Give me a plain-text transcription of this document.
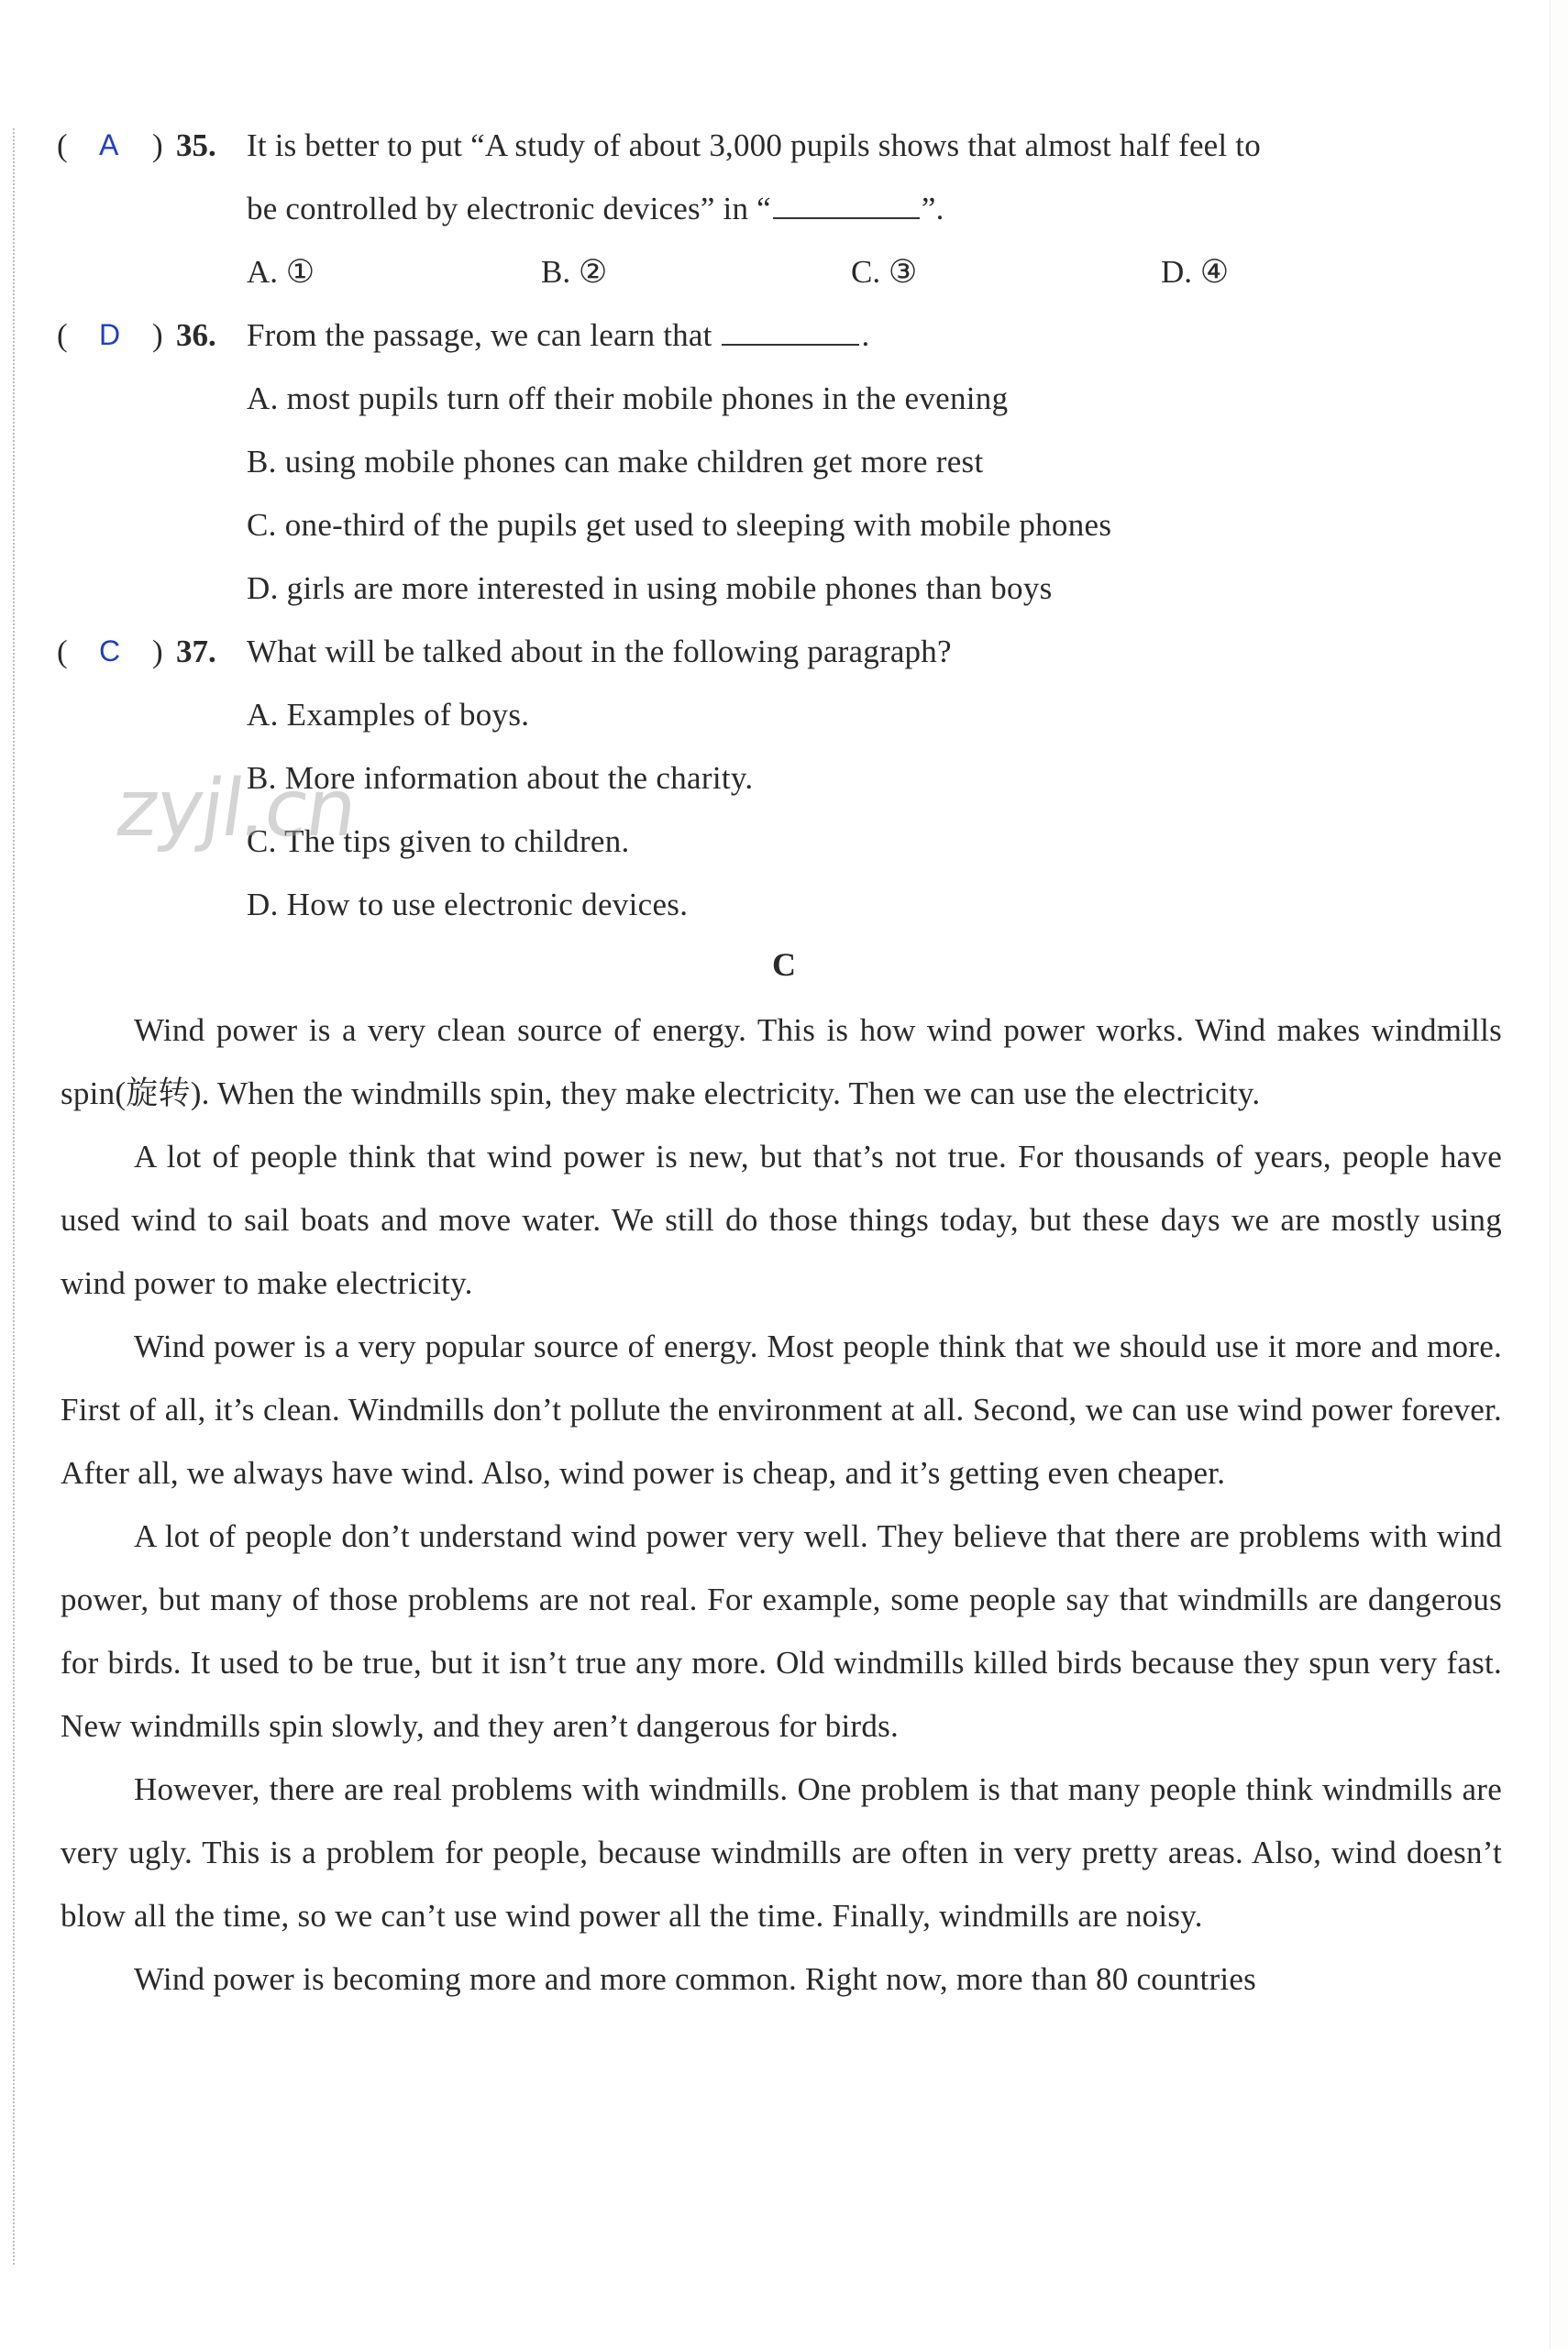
( A ) 35. It is better to put “A study of about 3,000 pupils shows that almost half feel to
be controlled by electronic devices” in “	”.
A. ①	B. ②	C. ③	D. ④
( D ) 36. From the passage, we can learn that	.
A. most pupils turn off their mobile phones in the evening
B. using mobile phones can make children get more rest
C. one-third of the pupils get used to sleeping with mobile phones
D. girls are more interested in using mobile phones than boys
( C ) 37. What will be talked about in the following paragraph?
A. Examples of boys.
B. More information about the charity.
C. The tips given to children.
D. How to use electronic devices.
zyjl.cn
C

Wind power is a very clean source of energy. This is how wind power works. Wind makes windmills spin(旋转). When the windmills spin, they make electricity. Then we can use the electricity.

A lot of people think that wind power is new, but that’s not true. For thousands of years, people have used wind to sail boats and move water. We still do those things today, but these days we are mostly using wind power to make electricity.

Wind power is a very popular source of energy. Most people think that we should use it more and more. First of all, it’s clean. Windmills don’t pollute the environment at all. Second, we can use wind power forever. After all, we always have wind. Also, wind power is cheap, and it’s getting even cheaper.

A lot of people don’t understand wind power very well. They believe that there are problems with wind power, but many of those problems are not real. For example, some people say that windmills are dangerous for birds. It used to be true, but it isn’t true any more. Old windmills killed birds because they spun very fast. New windmills spin slowly, and they aren’t dangerous for birds.

However, there are real problems with windmills. One problem is that many people think windmills are very ugly. This is a problem for people, because windmills are often in very pretty areas. Also, wind doesn’t blow all the time, so we can’t use wind power all the time. Finally, windmills are noisy.

Wind power is becoming more and more common. Right now, more than 80 countries
